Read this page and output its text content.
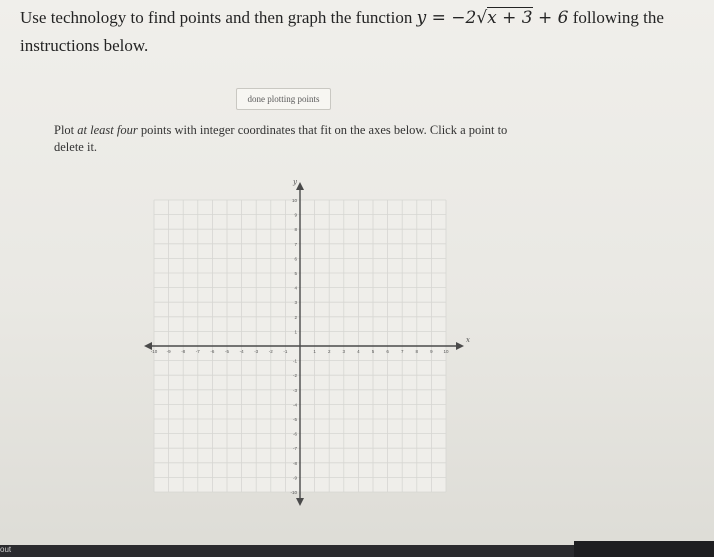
Use technology to find points and then graph the function y = −2√x + 3 + 6 following the instructions below.
done plotting points
Plot at least four points with integer coordinates that fit on the axes below. Click a point to delete it.
x
y
-10 -9 -8 -7 -6 -5 -4 -3 -2 -1	1	2	3	4	5	6	7	8	9 10
10
9
8
7
6
5
4
3
2
1
-1
-2
-3
-4
-5
-6
-7
-8
-9
-10
out
